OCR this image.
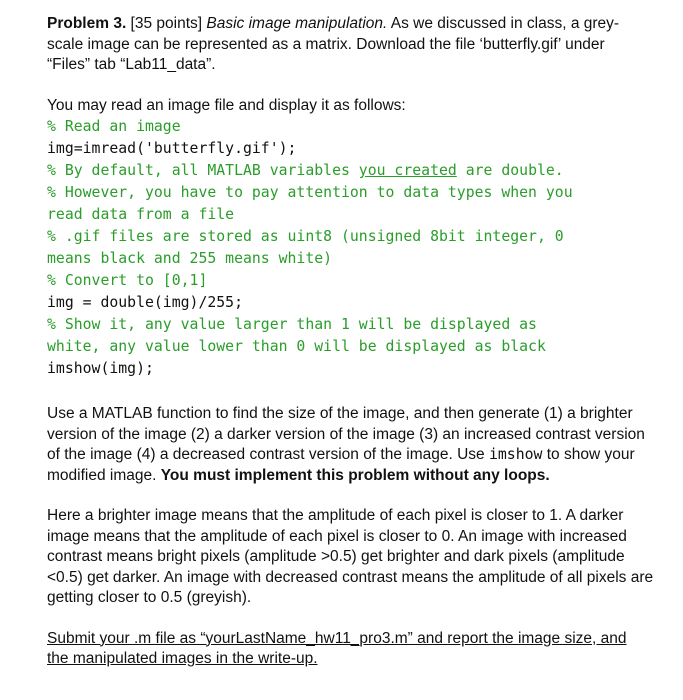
Problem 3. [35 points] Basic image manipulation. As we discussed in class, a grey-scale image can be represented as a matrix. Download the file ‘butterfly.gif’ under “Files” tab “Lab11_data”.

You may read an image file and display it as follows:

% Read an image

img=imread('butterfly.gif');

% By default, all MATLAB variables you created are double.

% However, you have to pay attention to data types when you

read data from a file

% .gif files are stored as uint8 (unsigned 8bit integer, 0

means black and 255 means white)

% Convert to [0,1]

img = double(img)/255;

% Show it, any value larger than 1 will be displayed as

white, any value lower than 0 will be displayed as black

imshow(img);

Use a MATLAB function to find the size of the image, and then generate (1) a brighter version of the image (2) a darker version of the image (3) an increased contrast version of the image (4) a decreased contrast version of the image. Use imshow to show your modified image. You must implement this problem without any loops.

Here a brighter image means that the amplitude of each pixel is closer to 1. A darker image means that the amplitude of each pixel is closer to 0. An image with increased contrast means bright pixels (amplitude >0.5) get brighter and dark pixels (amplitude <0.5) get darker. An image with decreased contrast means the amplitude of all pixels are getting closer to 0.5 (greyish).

Submit your .m file as “yourLastName_hw11_pro3.m” and report the image size, and the manipulated images in the write-up.
